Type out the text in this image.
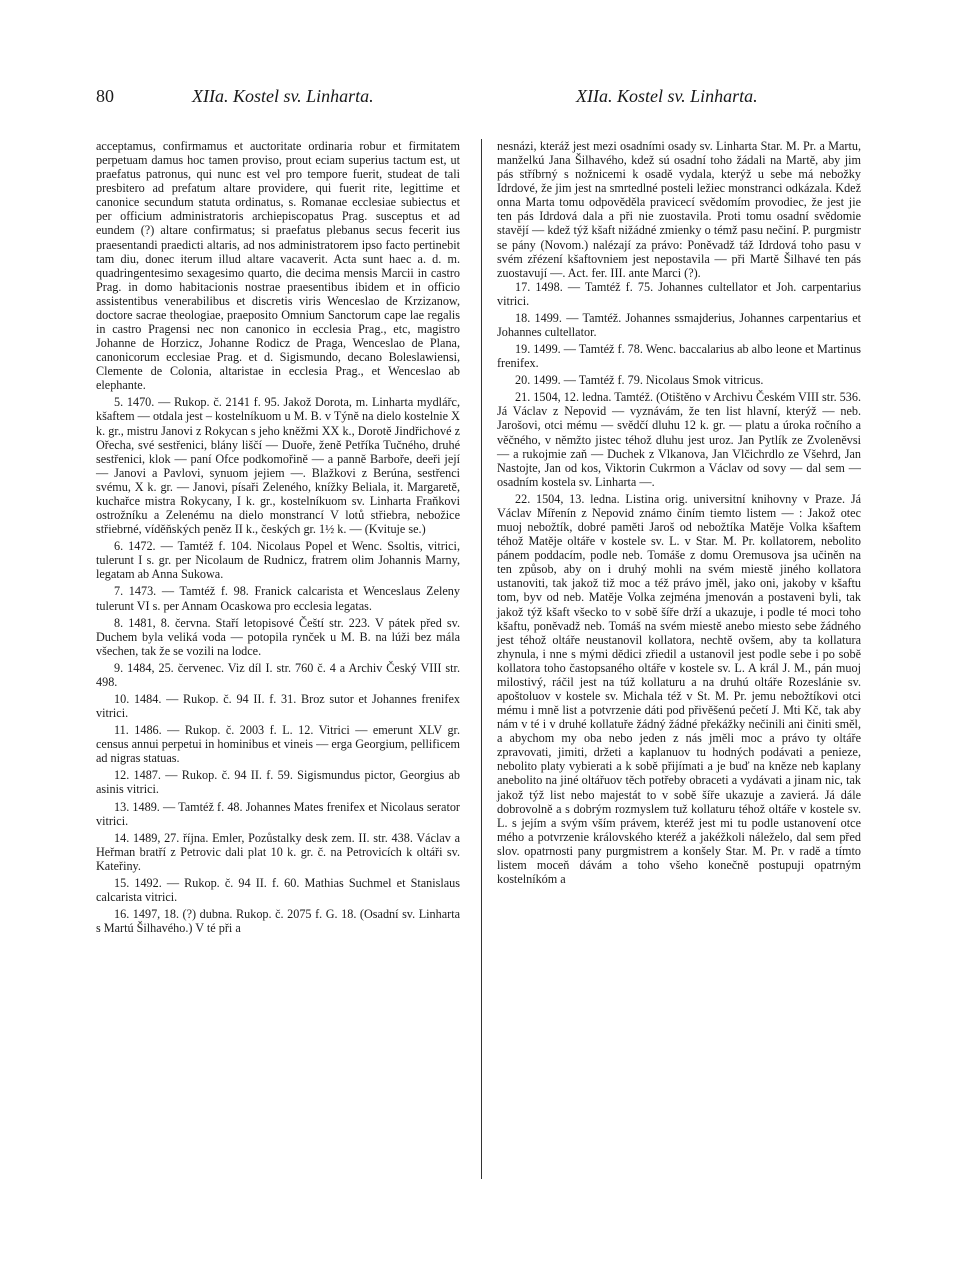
80	XIIa. Kostel sv. Linharta.	XIIa. Kostel sv. Linharta.

acceptamus, confirmamus et auctoritate ordinaria robur et firmitatem perpetuam damus hoc tamen proviso, prout eciam superius tactum est, ut praefatus patronus, qui nunc est vel pro tempore fuerit, studeat de tali presbitero ad prefatum altare providere, qui fuerit rite, legittime et canonice secundum statuta ordinatus, s. Romanae ecclesiae subiectus et per officium administratoris archiepiscopatus Prag. susceptus et ad eundem (?) altare confirmatus; si praefatus plebanus secus fecerit ius praesentandi praedicti altaris, ad nos administratorem ipso facto pertinebit tam diu, donec iterum illud altare vacaverit. Acta sunt haec a. d. m. quadringentesimo sexagesimo quarto, die decima mensis Marcii in castro Prag. in domo habitacionis nostrae praesentibus ibidem et in officio assistentibus venerabilibus et discretis viris Wenceslao de Krzizanow, doctore sacrae theologiae, praeposito Omnium Sanctorum cape lae regalis in castro Pragensi nec non canonico in ecclesia Prag., etc, magistro Johanne de Horzicz, Johanne Rodicz de Praga, Wenceslao de Plana, canonicorum ecclesiae Prag. et d. Sigismundo, decano Boleslawiensi, Clemente de Colonia, altaristae in ecclesia Prag., et Wenceslao ab elephante.

5. 1470. — Rukop. č. 2141 f. 95. Jakož Dorota, m. Linharta mydlářc, kšaftem — otdala jest – kostelníkuom u M. B. v Týně na dielo kostelnie X k. gr., mistru Janovi z Rokycan s jeho kněžmi XX k., Dorotě Jindřichové z Ořecha, své sestřenici, blány liščí — Duoře, ženě Petříka Tučného, druhé sestřenici, klok — paní Ofce podkomořině — a panně Barboře, deeři její — Janovi a Pavlovi, synuom jejiem —. Blažkovi z Berúna, sestřenci svému, X k. gr. — Janovi, písaři Zeleného, knížky Beliala, it. Margaretě, kuchařce mistra Rokycany, I k. gr., kostelníkuom sv. Linharta Fraňkovi ostrožníku a Zelenému na dielo monstrancí V lotů střiebra, nebožice střiebrné, víděňských peněz II k., českých gr. 1½ k. — (Kvituje se.)

6. 1472. — Tamtéž f. 104. Nicolaus Popel et Wenc. Ssoltis, vitrici, tulerunt I s. gr. per Nicolaum de Rudnicz, fratrem olim Johannis Marny, legatam ab Anna Sukowa.

7. 1473. — Tamtéž f. 98. Franick calcarista et Wenceslaus Zeleny tulerunt VI s. per Annam Ocaskowa pro ecclesia legatas.

8. 1481, 8. června. Staří letopisové Čeští str. 223. V pátek před sv. Duchem byla veliká voda — potopila rynček u M. B. na lúži bez mála všechen, tak že se vozili na lodce.

9. 1484, 25. červenec. Viz díl I. str. 760 č. 4 a Archiv Český VIII str. 498.

10. 1484. — Rukop. č. 94 II. f. 31. Broz sutor et Johannes frenifex vitrici.

11. 1486. — Rukop. č. 2003 f. L. 12. Vitrici — emerunt XLV gr. census annui perpetui in hominibus et vineis — erga Georgium, pellificem ad nigras statuas.

12. 1487. — Rukop. č. 94 II. f. 59. Sigismundus pictor, Georgius ab asinis vitrici.

13. 1489. — Tamtéž f. 48. Johannes Mates frenifex et Nicolaus serator vitrici.

14. 1489, 27. října. Emler, Pozůstalky desk zem. II. str. 438. Václav a Heřman bratří z Petrovic dali plat 10 k. gr. č. na Petrovicích k oltáři sv. Kateřiny.

15. 1492. — Rukop. č. 94 II. f. 60. Mathias Suchmel et Stanislaus calcarista vitrici.

16. 1497, 18. (?) dubna. Rukop. č. 2075 f. G. 18. (Osadní sv. Linharta s Martú Šilhavého.) V té při a

nesnázi, kteráž jest mezi osadními osady sv. Linharta Star. M. Pr. a Martu, manželkú Jana Šilhavého, kdež sú osadní toho žádali na Martě, aby jim pás stříbrný s nožnicemi k osadě vydala, kterýž u sebe má nebožky Idrdové, že jim jest na smrtedlné posteli ležiec monstranci odkázala. Kdež onna Marta tomu odpověděla pravicecí svědomím provodiec, že jest jie ten pás Idrdová dala a při nie zuostavila. Proti tomu osadní svědomie stavějí — kdež týž kšaft nižádné zmienky o témž pasu nečiní. P. purgmistr se pány (Novom.) nalézají za právo: Poněvadž táž Idrdová toho pasu v svém zřézení kšaftovniem jest nepostavila — při Martě Šilhavé ten pás zuostavují —. Act. fer. III. ante Marci (?).

17. 1498. — Tamtéž f. 75. Johannes cultellator et Joh. carpentarius vitrici.

18. 1499. — Tamtéž. Johannes ssmajderius, Johannes carpentarius et Johannes cultellator.

19. 1499. — Tamtéž f. 78. Wenc. baccalarius ab albo leone et Martinus frenifex.

20. 1499. — Tamtéž f. 79. Nicolaus Smok vitricus.

21. 1504, 12. ledna. Tamtéž. (Otištěno v Archivu Českém VIII str. 536. Já Václav z Nepovid — vyznávám, že ten list hlavní, kterýž — neb. Jarošovi, otci mému — svědčí dluhu 12 k. gr. — platu a úroka ročního a věčného, v němžto jistec téhož dluhu jest uroz. Jan Pytlík ze Zvoleněvsi — a rukojmie zaň — Duchek z Vlkanova, Jan Vlčichrdlo ze Všehrd, Jan Nastojte, Jan od kos, Viktorin Cukrmon a Václav od sovy — dal sem — osadním kostela sv. Linharta —.

22. 1504, 13. ledna. Listina orig. universitní knihovny v Praze. Já Václav Mířenín z Nepovid známo činím tiemto listem — : Jakož otec muoj nebožtík, dobré paměti Jaroš od nebožtíka Matěje Volka kšaftem téhož Matěje oltáře v kostele sv. L. v Star. M. Pr. kollatorem, nebolito pánem poddacím, podle neb. Tomáše z domu Oremusova jsa učiněn na ten způsob, aby on i druhý mohli na svém miestě jiného kollatora ustanoviti, tak jakož tiž moc a též právo jměl, jako oni, jakoby v kšaftu tom, byv od neb. Matěje Volka zejména jmenován a postaveni byli, tak jakož týž kšaft všecko to v sobě šíře drží a ukazuje, i podle té moci toho kšaftu, poněvadž neb. Tomáš na svém miestě anebo miesto sebe žádného jest téhož oltáře neustanovil kollatora, nechtě ovšem, aby ta kollatura zhynula, i nne s mými dědici zřiedil a ustanovil jest podle sebe i po sobě kollatora toho častopsaného oltáře v kostele sv. L. A král J. M., pán muoj milostivý, ráčil jest na túž kollaturu a na druhú oltáře Rozeslánie sv. apoštoluov v kostele sv. Michala též v St. M. Pr. jemu nebožtíkovi otci mému i mně list a potvrzenie dáti pod přivěšenú pečetí J. Mti Kč, tak aby nám v té i v druhé kollatuře žádný žádné překážky nečinili ani činiti směl, a abychom my oba nebo jeden z nás jměli moc a právo ty oltáře zpravovati, jimiti, držeti a kaplanuov tu hodných podávati a penieze, nebolito platy vybierati a k sobě přijímati a je buď na kněze neb kaplany anebolito na jiné oltářuov těch potřeby obraceti a vydávati a jinam nic, tak jakož týž list nebo majestát to v sobě šíře ukazuje a zavierá. Já dále dobrovolně a s dobrým rozmyslem tuž kollaturu téhož oltáře v kostele sv. L. s jejím a svým vším právem, kteréž jest mi tu podle ustanovení otce mého a potvrzenie královského kteréž a jakéžkoli náleželo, dal sem před slov. opatrnosti pany purgmistrem a konšely Star. M. Pr. v radě a tímto listem moceň dávám a toho všeho konečně postupuji opatrným kostelníkóm a
